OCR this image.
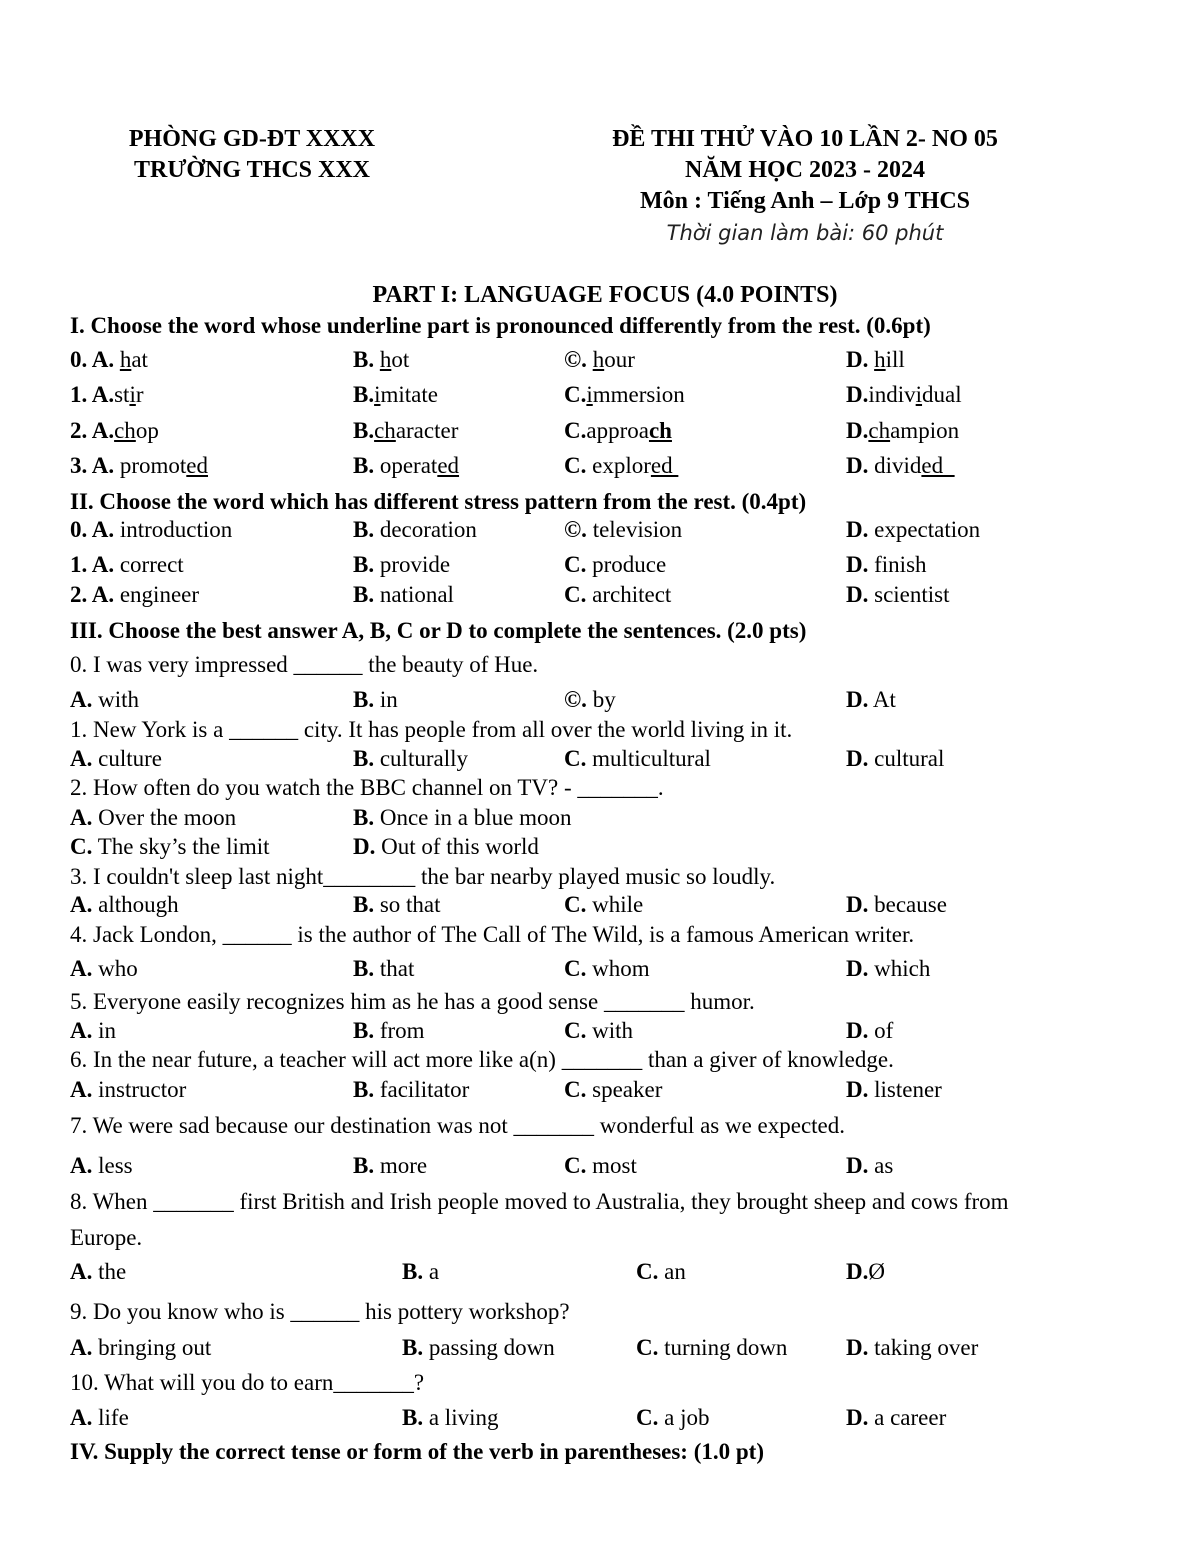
PHÒNG GD-ĐT XXXX
TRƯỜNG THCS XXX
ĐỀ THI THỬ VÀO 10 LẦN 2- NO 05
NĂM HỌC 2023 - 2024
Môn : Tiếng Anh – Lớp 9 THCS
Thời gian làm bài: 60 phút
PART I: LANGUAGE FOCUS (4.0 POINTS)
I. Choose the word whose underline part is pronounced differently from the rest. (0.6pt)
0. A. hat	B. hot	©. hour	D. hill
1. A.stir	B.imitate	C.immersion	D.individual
2. A.chop	B.character	C.approach	D.champion
3. A. promoted	B. operated	C. explored	D. divided
II. Choose the word which has different stress pattern from the rest. (0.4pt)
0. A. introduction	B. decoration	©. television	D. expectation
1. A. correct	B. provide	C. produce	D. finish
2. A. engineer	B. national	C. architect	D. scientist
III. Choose the best answer A, B, C or D to complete the sentences. (2.0 pts)
0. I was very impressed ______ the beauty of Hue.
A. with	B. in	©. by	D. At
1. New York is a ______ city. It has people from all over the world living in it.
A. culture	B. culturally	C. multicultural	D. cultural
2. How often do you watch the BBC channel on TV? - _______.
A. Over the moon	B. Once in a blue moon
C. The sky’s the limit	D. Out of this world
3. I couldn't sleep last night________ the bar nearby played music so loudly.
A. although	B. so that	C. while	D. because
4. Jack London, ______ is the author of The Call of The Wild, is a famous American writer.
A. who	B. that	C. whom	D. which
5. Everyone easily recognizes him as he has a good sense _______ humor.
A. in	B. from	C. with	D. of
6. In the near future, a teacher will act more like a(n) _______ than a giver of knowledge.
A. instructor	B. facilitator	C. speaker	D. listener
7. We were sad because our destination was not _______ wonderful as we expected.
A. less	B. more	C. most	D. as
8. When _______ first British and Irish people moved to Australia, they brought sheep and cows from
Europe.
A. the	B. a	C. an	D.Ø
9. Do you know who is ______ his pottery workshop?
A. bringing out	B. passing down	C. turning down	D. taking over
10. What will you do to earn_______?
A. life	B. a living	C. a job	D. a career
IV. Supply the correct tense or form of the verb in parentheses: (1.0 pt)
